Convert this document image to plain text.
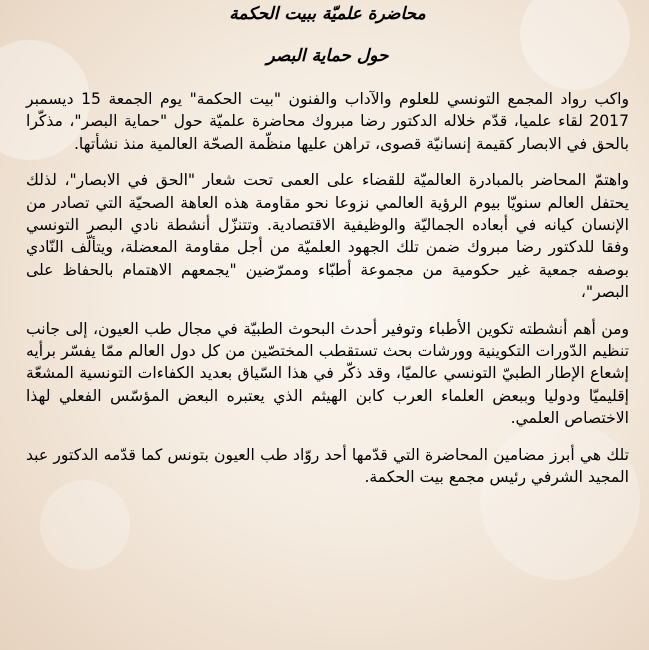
محاضرة علميّة ببيت الحكمة
حول حماية البصر

واكب رواد المجمع التونسي للعلوم والآداب والفنون "بيت الحكمة" يوم الجمعة 15 ديسمبر 2017 لقاء علميا، قدّم خلاله الدكتور رضا مبروك محاضرة علميّة حول "حماية البصر"، مذكّرا بالحق في الابصار كقيمة إنسانيّة قصوى، تراهن عليها منظّمة الصحّة العالمية منذ نشأتها.

واهتمّ المحاضر بالمبادرة العالميّة للقضاء على العمى تحت شعار "الحق في الابصار"، لذلك يحتفل العالم سنويّا بيوم الرؤية العالمي نزوعا نحو مقاومة هذه العاهة الصحيّة التي تصادر من الإنسان كيانه في أبعاده الجماليّة والوظيفية الاقتصادية. وتتنزّل أنشطة نادي البصر التونسي وفقا للدكتور رضا مبروك ضمن تلك الجهود العلميّة من أجل مقاومة المعضلة، ويتألّف النّادي بوصفه جمعية غير حكومية من مجموعة أطبّاء وممرّضين "يجمعهم الاهتمام بالحفاظ على البصر"،

ومن أهم أنشطته تكوين الأطباء وتوفير أحدث البحوث الطبيّة في مجال طب العيون، إلى جانب تنظيم الدّورات التكوينية وورشات بحث تستقطب المختصّين من كل دول العالم ممّا يفسّر برأيه إشعاع الإطار الطبيّ التونسي عالميّا، وقد ذكّر في هذا السّياق بعديد الكفاءات التونسية المشعّة إقليميّا ودوليا وببعض العلماء العرب كابن الهيثم الذي يعتبره البعض المؤسّس الفعلي لهذا الاختصاص العلمي.

تلك هي أبرز مضامين المحاضرة التي قدّمها أحد روّاد طب العيون بتونس كما قدّمه الدكتور عبد المجيد الشرفي رئيس مجمع بيت الحكمة.
